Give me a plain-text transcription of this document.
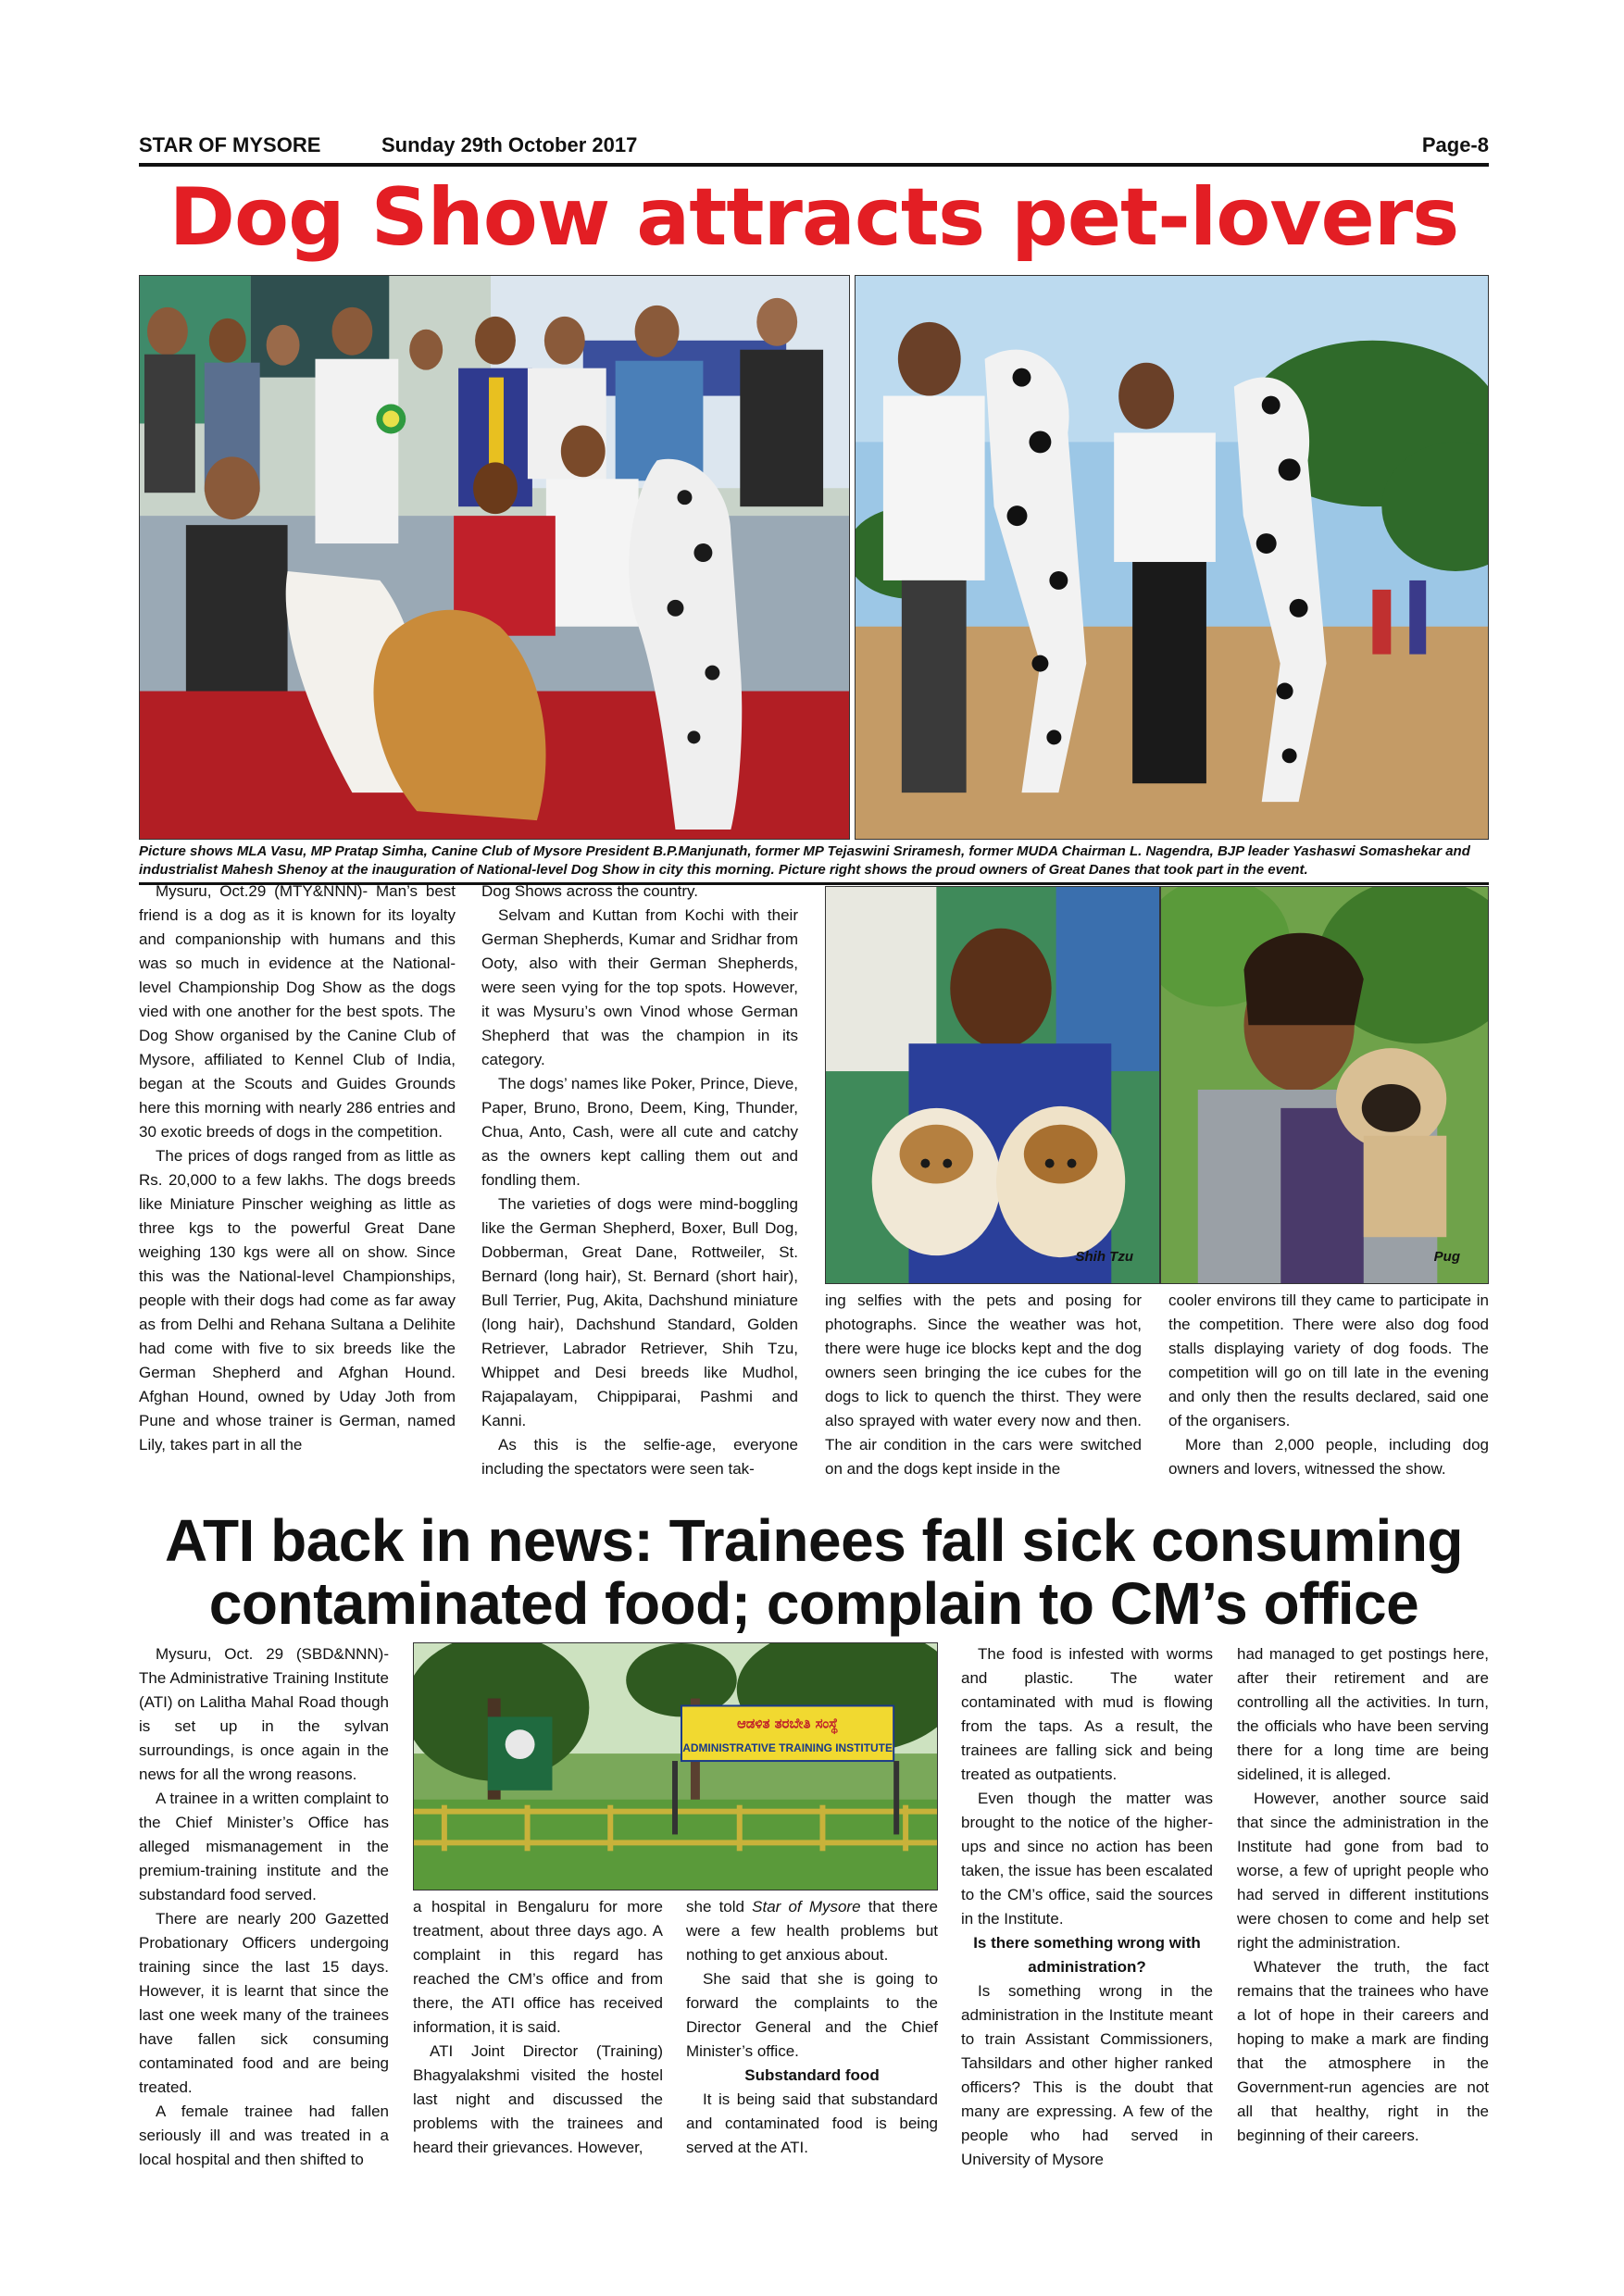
STAR OF MYSORE	Sunday 29th October 2017	Page-8
Dog Show attracts pet-lovers
Picture shows MLA Vasu, MP Pratap Simha, Canine Club of Mysore President B.P.Manjunath, former MP Tejaswini Sriramesh, former MUDA Chairman L. Nagendra, BJP leader Yashaswi Somashekar and industrialist Mahesh Shenoy at the inauguration of National-level Dog Show in city this morning. Picture right shows the proud owners of Great Danes that took part in the event.

Mysuru, Oct.29 (MTY&NNN)- Man’s best friend is a dog as it is known for its loyalty and companionship with humans and this was so much in evidence at the National-level Championship Dog Show as the dogs vied with one another for the best spots. The Dog Show organised by the Canine Club of Mysore, affiliated to Kennel Club of India, began at the Scouts and Guides Grounds here this morning with nearly 286 entries and 30 exotic breeds of dogs in the competition.

The prices of dogs ranged from as little as Rs. 20,000 to a few lakhs. The dogs breeds like Miniature Pinscher weighing as little as three kgs to the powerful Great Dane weighing 130 kgs were all on show. Since this was the National-level Championships, people with their dogs had come as far away as from Delhi and Rehana Sultana a Delihite had come with five to six breeds like the German Shepherd and Afghan Hound. Afghan Hound, owned by Uday Joth from Pune and whose trainer is German, named Lily, takes part in all the

Dog Shows across the country.

Selvam and Kuttan from Kochi with their German Shepherds, Kumar and Sridhar from Ooty, also with their German Shepherds, were seen vying for the top spots. However, it was Mysuru’s own Vinod whose German Shepherd that was the champion in its category.

The dogs’ names like Poker, Prince, Dieve, Paper, Bruno, Brono, Deem, King, Thunder, Chua, Anto, Cash, were all cute and catchy as the owners kept calling them out and fondling them.

The varieties of dogs were mind-boggling like the German Shepherd, Boxer, Bull Dog, Dobberman, Great Dane, Rottweiler, St. Bernard (long hair), St. Bernard (short hair), Bull Terrier, Pug, Akita, Dachshund miniature (long hair), Dachshund Standard, Golden Retriever, Labrador Retriever, Shih Tzu, Whippet and Desi breeds like Mudhol, Rajapalayam, Chippiparai, Pashmi and Kanni.

As this is the selfie-age, everyone including the spectators were seen tak-

Shih Tzu	Pug

ing selfies with the pets and posing for photographs. Since the weather was hot, there were huge ice blocks kept and the dog owners seen bringing the ice cubes for the dogs to lick to quench the thirst. They were also sprayed with water every now and then. The air condition in the cars were switched on and the dogs kept inside in the

cooler environs till they came to participate in the competition. There were also dog food stalls displaying variety of dog foods. The competition will go on till late in the evening and only then the results declared, said one of the organisers.

More than 2,000 people, including dog owners and lovers, witnessed the show.

ATI back in news: Trainees fall sick consuming
contaminated food; complain to CM’s office

Mysuru, Oct. 29 (SBD&NNN)- The Administrative Training Institute (ATI) on Lalitha Mahal Road though is set up in the sylvan surroundings, is once again in the news for all the wrong reasons.

A trainee in a written complaint to the Chief Minister’s Office has alleged mismanagement in the premium-training institute and the substandard food served.

There are nearly 200 Gazetted Probationary Officers undergoing training since the last 15 days. However, it is learnt that since the last one week many of the trainees have fallen sick consuming contaminated food and are being treated.

A female trainee had fallen seriously ill and was treated in a local hospital and then shifted to

ಆಡಳಿತ ತರಬೇತಿ ಸಂಸ್ಥೆ
ADMINISTRATIVE TRAINING INSTITUTE

a hospital in Bengaluru for more treatment, about three days ago. A complaint in this regard has reached the CM’s office and from there, the ATI office has received information, it is said.

ATI Joint Director (Training) Bhagyalakshmi visited the hostel last night and discussed the problems with the trainees and heard their grievances. However,

she told Star of Mysore that there were a few health problems but nothing to get anxious about.

She said that she is going to forward the complaints to the Director General and the Chief Minister’s office.

Substandard food

It is being said that substandard and contaminated food is being served at the ATI.

The food is infested with worms and plastic. The water contaminated with mud is flowing from the taps. As a result, the trainees are falling sick and being treated as outpatients.

Even though the matter was brought to the notice of the higher-ups and since no action has been taken, the issue has been escalated to the CM’s office, said the sources in the Institute.

Is there something wrong with administration?

Is something wrong in the administration in the Institute meant to train Assistant Commissioners, Tahsildars and other higher ranked officers? This is the doubt that many are expressing. A few of the people who had served in University of Mysore

had managed to get postings here, after their retirement and are controlling all the activities. In turn, the officials who have been serving there for a long time are being sidelined, it is alleged.

However, another source said that since the administration in the Institute had gone from bad to worse, a few of upright people who had served in different institutions were chosen to come and help set right the administration.

Whatever the truth, the fact remains that the trainees who have a lot of hope in their careers and hoping to make a mark are finding that the atmosphere in the Government-run agencies are not all that healthy, right in the beginning of their careers.
